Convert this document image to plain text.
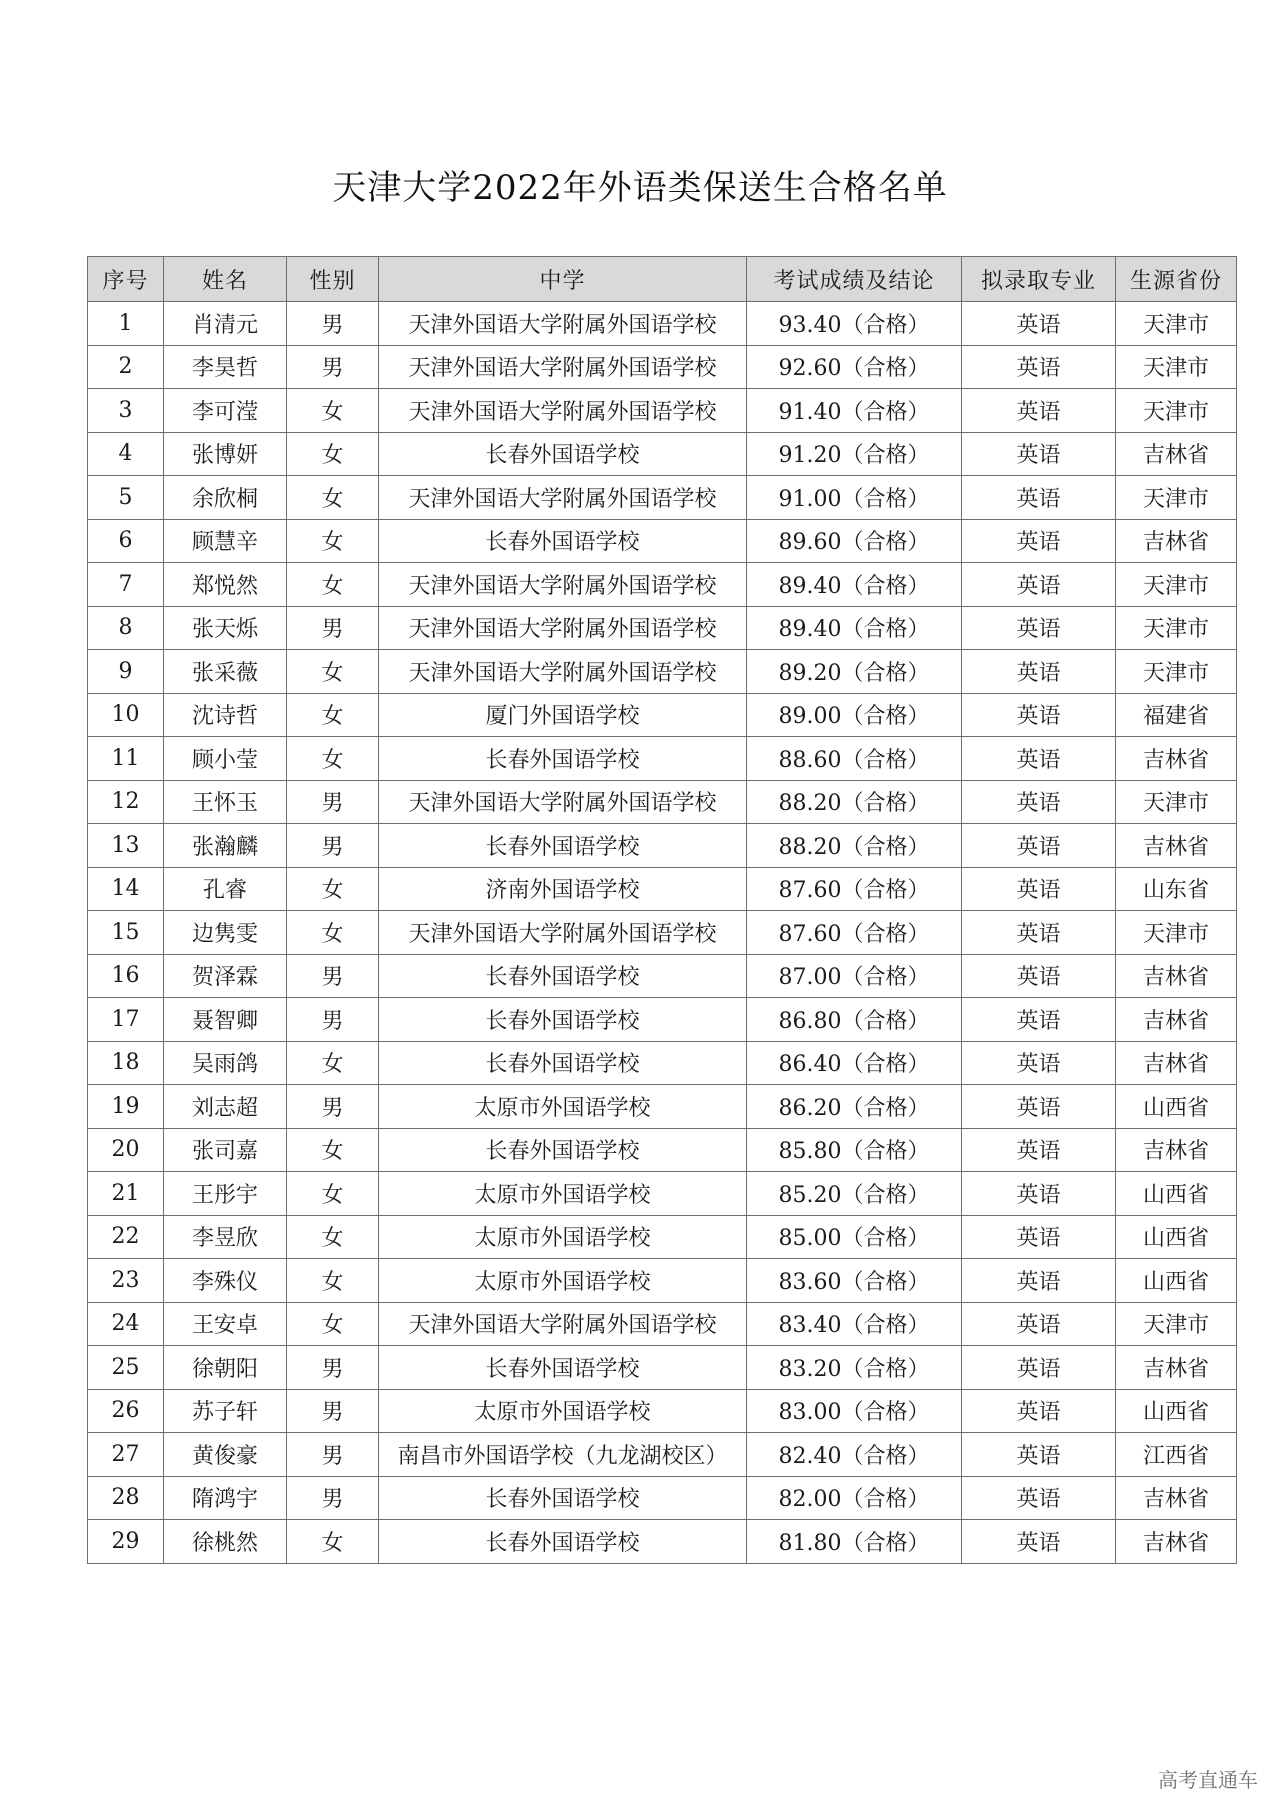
天津大学2022年外语类保送生合格名单
序号	姓名	性别	中学	考试成绩及结论	拟录取专业	生源省份
1	肖清元	男	天津外国语大学附属外国语学校	93.40（合格）	英语	天津市
2	李昊哲	男	天津外国语大学附属外国语学校	92.60（合格）	英语	天津市
3	李可滢	女	天津外国语大学附属外国语学校	91.40（合格）	英语	天津市
4	张博妍	女	长春外国语学校	91.20（合格）	英语	吉林省
5	余欣桐	女	天津外国语大学附属外国语学校	91.00（合格）	英语	天津市
6	顾慧辛	女	长春外国语学校	89.60（合格）	英语	吉林省
7	郑悦然	女	天津外国语大学附属外国语学校	89.40（合格）	英语	天津市
8	张天烁	男	天津外国语大学附属外国语学校	89.40（合格）	英语	天津市
9	张采薇	女	天津外国语大学附属外国语学校	89.20（合格）	英语	天津市
10	沈诗哲	女	厦门外国语学校	89.00（合格）	英语	福建省
11	顾小莹	女	长春外国语学校	88.60（合格）	英语	吉林省
12	王怀玉	男	天津外国语大学附属外国语学校	88.20（合格）	英语	天津市
13	张瀚麟	男	长春外国语学校	88.20（合格）	英语	吉林省
14	孔睿	女	济南外国语学校	87.60（合格）	英语	山东省
15	边隽雯	女	天津外国语大学附属外国语学校	87.60（合格）	英语	天津市
16	贺泽霖	男	长春外国语学校	87.00（合格）	英语	吉林省
17	聂智卿	男	长春外国语学校	86.80（合格）	英语	吉林省
18	吴雨鸽	女	长春外国语学校	86.40（合格）	英语	吉林省
19	刘志超	男	太原市外国语学校	86.20（合格）	英语	山西省
20	张司嘉	女	长春外国语学校	85.80（合格）	英语	吉林省
21	王彤宇	女	太原市外国语学校	85.20（合格）	英语	山西省
22	李昱欣	女	太原市外国语学校	85.00（合格）	英语	山西省
23	李殊仪	女	太原市外国语学校	83.60（合格）	英语	山西省
24	王安卓	女	天津外国语大学附属外国语学校	83.40（合格）	英语	天津市
25	徐朝阳	男	长春外国语学校	83.20（合格）	英语	吉林省
26	苏子轩	男	太原市外国语学校	83.00（合格）	英语	山西省
27	黄俊豪	男	南昌市外国语学校（九龙湖校区）	82.40（合格）	英语	江西省
28	隋鸿宇	男	长春外国语学校	82.00（合格）	英语	吉林省
29	徐桃然	女	长春外国语学校	81.80（合格）	英语	吉林省
高考直通车
